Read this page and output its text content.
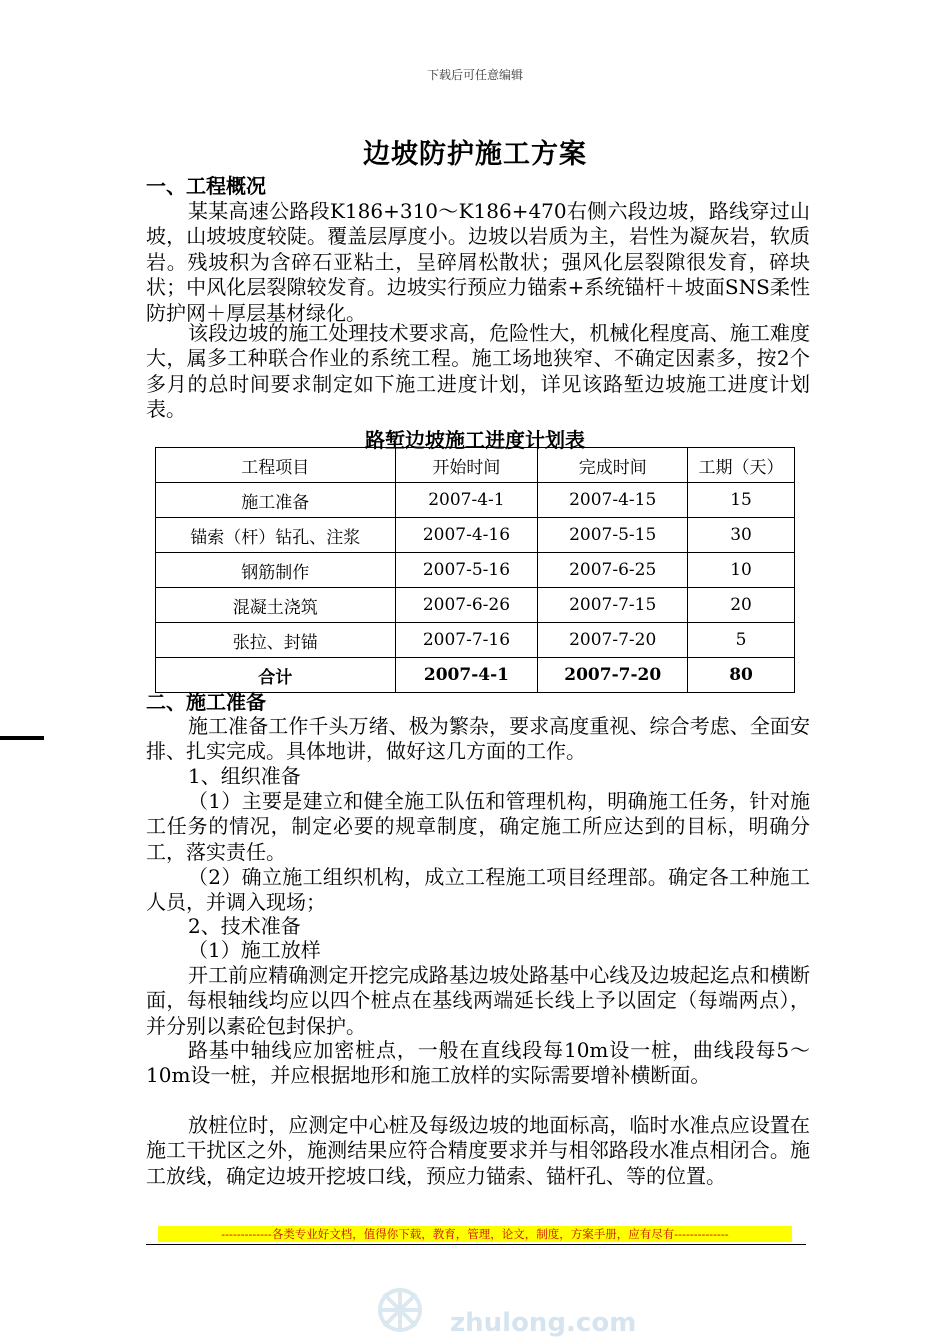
下载后可任意编辑
边坡防护施工方案
一、工程概况
某某高速公路段K186+310～K186+470右侧六段边坡，路线穿过山坡，山坡坡度较陡。覆盖层厚度小。边坡以岩质为主，岩性为凝灰岩，软质岩。残坡积为含碎石亚粘土，呈碎屑松散状；强风化层裂隙很发育，碎块状；中风化层裂隙较发育。边坡实行预应力锚索+系统锚杆＋坡面SNS柔性防护网＋厚层基材绿化。
该段边坡的施工处理技术要求高，危险性大，机械化程度高、施工难度大，属多工种联合作业的系统工程。施工场地狭窄、不确定因素多，按2个多月的总时间要求制定如下施工进度计划，详见该路堑边坡施工进度计划表。
路堑边坡施工进度计划表
工程项目	开始时间	完成时间	工期（天）
施工准备	2007-4-1	2007-4-15	15
锚索（杆）钻孔、注浆	2007-4-16	2007-5-15	30
钢筋制作	2007-5-16	2007-6-25	10
混凝土浇筑	2007-6-26	2007-7-15	20
张拉、封锚	2007-7-16	2007-7-20	5
合计	2007-4-1	2007-7-20	80
二、施工准备
施工准备工作千头万绪、极为繁杂，要求高度重视、综合考虑、全面安排、扎实完成。具体地讲，做好这几方面的工作。
1、组织准备
（1）主要是建立和健全施工队伍和管理机构，明确施工任务，针对施工任务的情况，制定必要的规章制度，确定施工所应达到的目标，明确分工，落实责任。
（2）确立施工组织机构，成立工程施工项目经理部。确定各工种施工人员，并调入现场；
2、技术准备
（1）施工放样
开工前应精确测定开挖完成路基边坡处路基中心线及边坡起迄点和横断面，每根轴线均应以四个桩点在基线两端延长线上予以固定（每端两点），并分别以素砼包封保护。
路基中轴线应加密桩点，一般在直线段每10m设一桩，曲线段每5～10m设一桩，并应根据地形和施工放样的实际需要增补横断面。
放桩位时，应测定中心桩及每级边坡的地面标高，临时水准点应设置在施工干扰区之外，施测结果应符合精度要求并与相邻路段水准点相闭合。施工放线，确定边坡开挖坡口线，预应力锚索、锚杆孔、等的位置。
-------------各类专业好文档，值得你下载，教育，管理，论文，制度，方案手册，应有尽有--------------
zhulong.com
